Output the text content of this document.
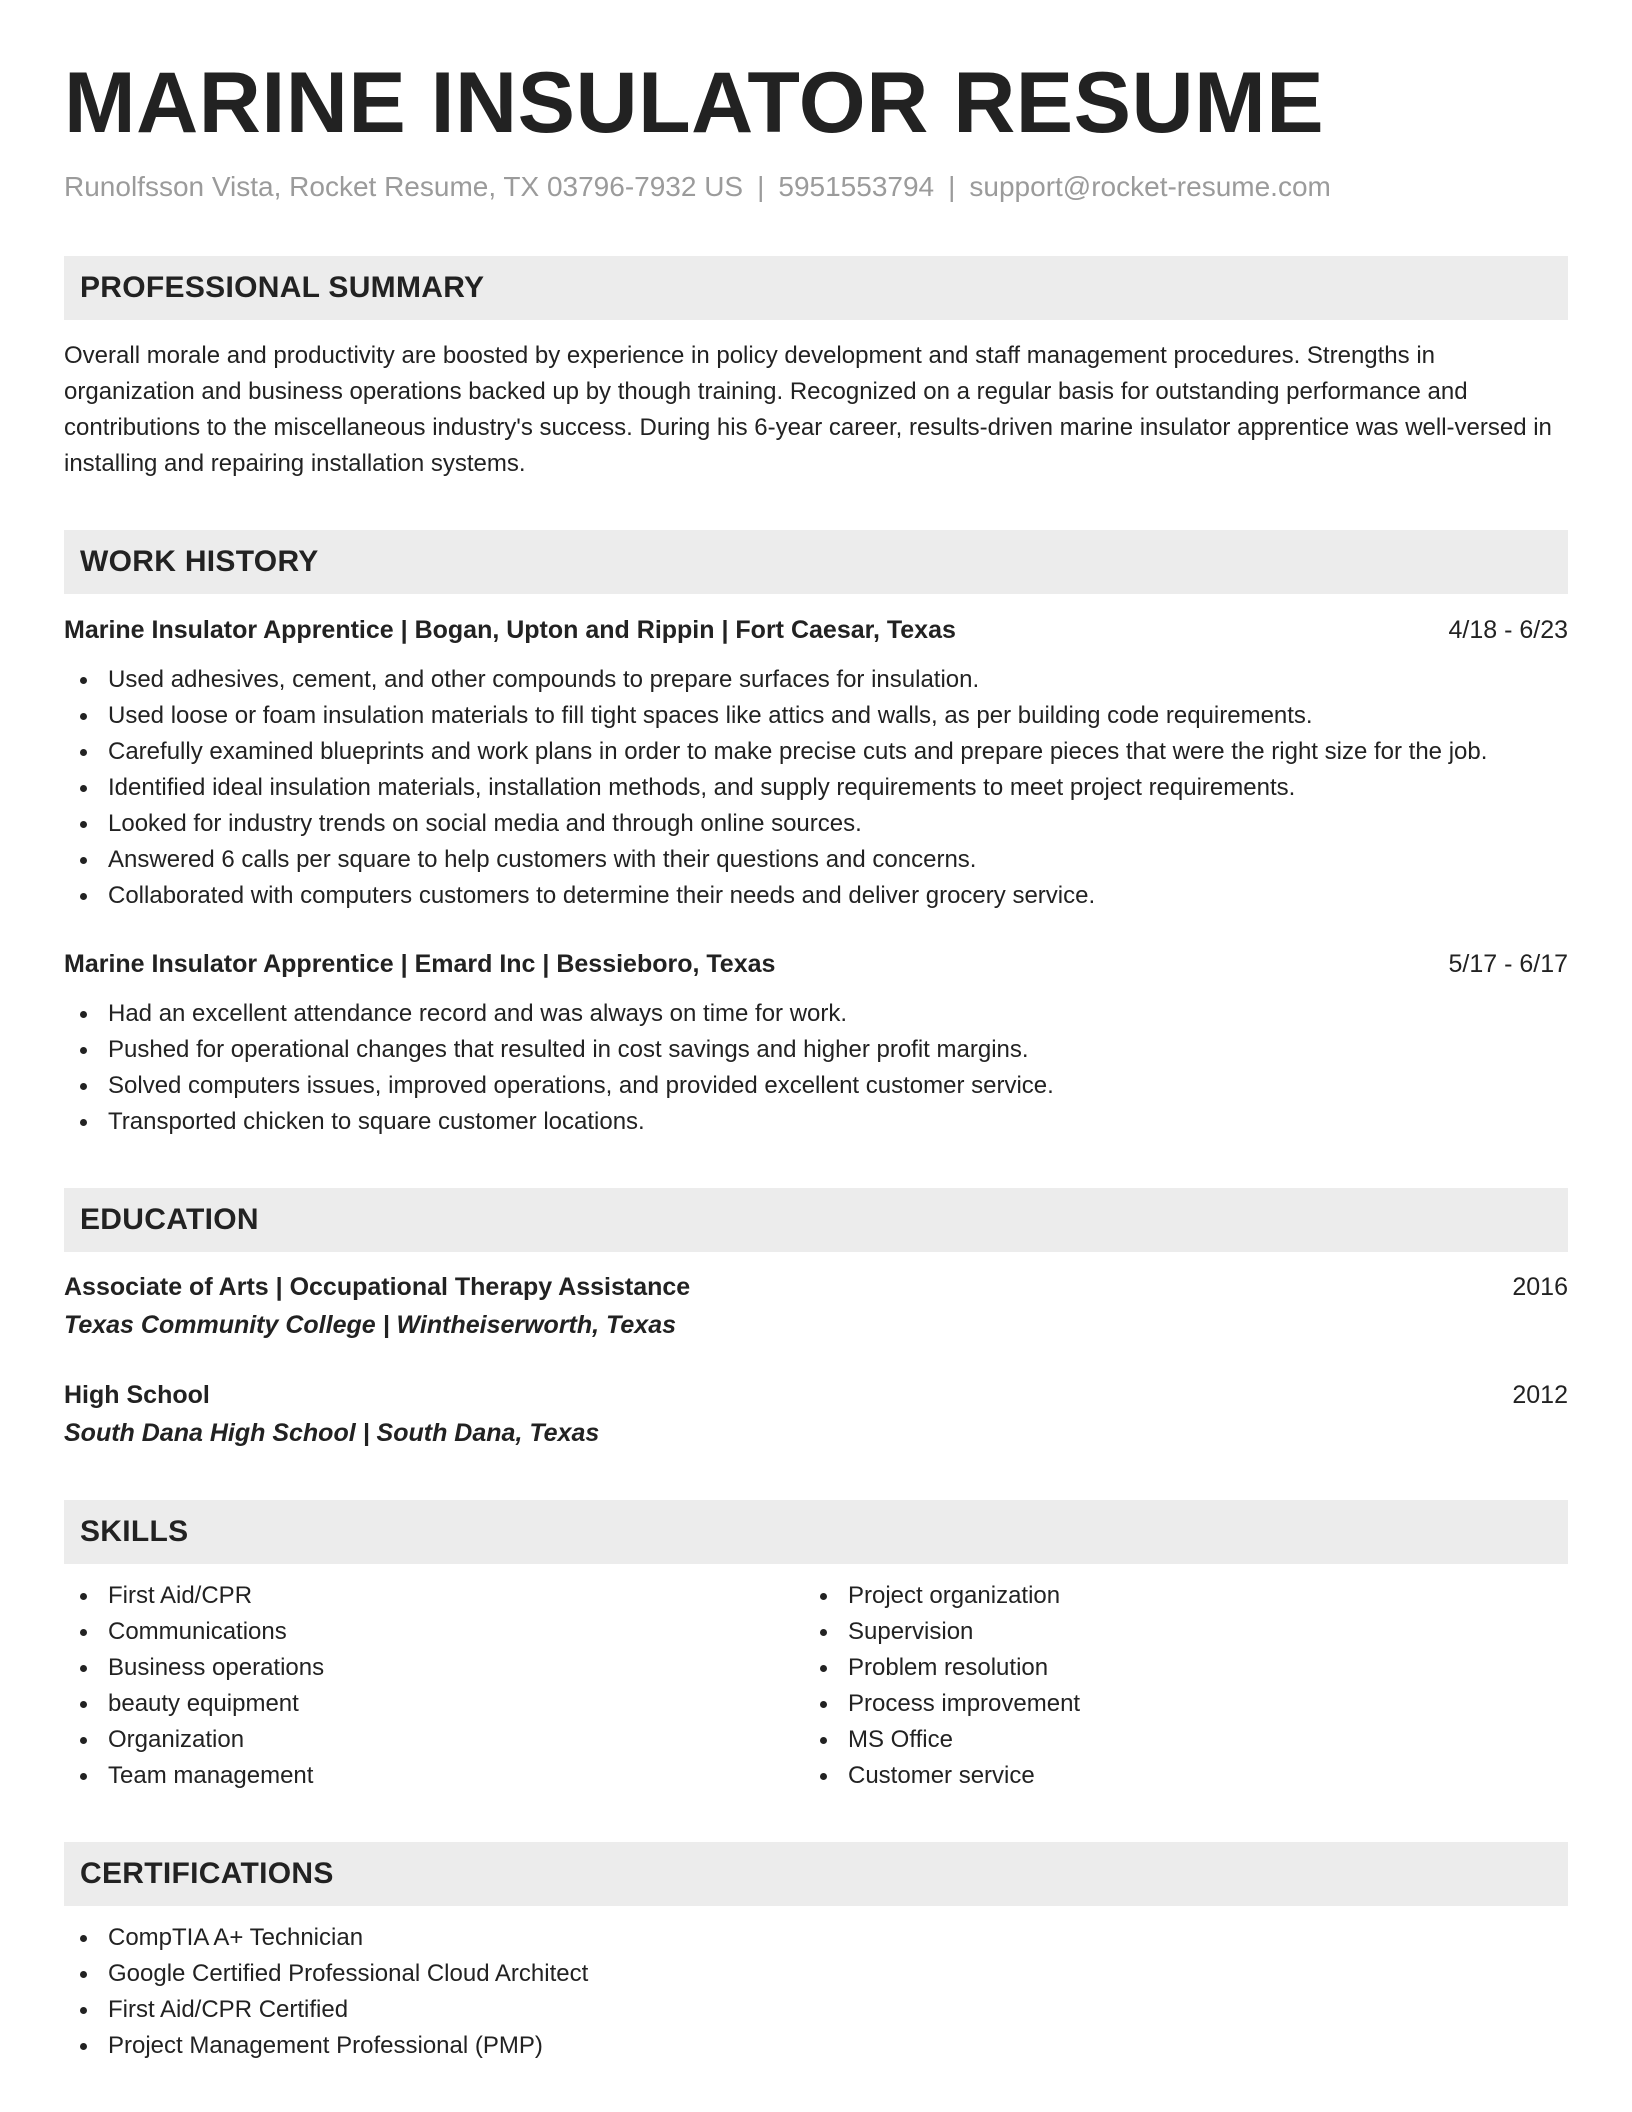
MARINE INSULATOR RESUME
Runolfsson Vista, Rocket Resume, TX 03796-7932 US | 5951553794 | support@rocket-resume.com
PROFESSIONAL SUMMARY

Overall morale and productivity are boosted by experience in policy development and staff management procedures. Strengths in organization and business operations backed up by though training. Recognized on a regular basis for outstanding performance and contributions to the miscellaneous industry's success. During his 6-year career, results-driven marine insulator apprentice was well-versed in installing and repairing installation systems.

WORK HISTORY
Marine Insulator Apprentice | Bogan, Upton and Rippin | Fort Caesar, Texas	4/18 - 6/23
Used adhesives, cement, and other compounds to prepare surfaces for insulation.
Used loose or foam insulation materials to fill tight spaces like attics and walls, as per building code requirements.
Carefully examined blueprints and work plans in order to make precise cuts and prepare pieces that were the right size for the job.
Identified ideal insulation materials, installation methods, and supply requirements to meet project requirements.
Looked for industry trends on social media and through online sources.
Answered 6 calls per square to help customers with their questions and concerns.
Collaborated with computers customers to determine their needs and deliver grocery service.
Marine Insulator Apprentice | Emard Inc | Bessieboro, Texas	5/17 - 6/17
Had an excellent attendance record and was always on time for work.
Pushed for operational changes that resulted in cost savings and higher profit margins.
Solved computers issues, improved operations, and provided excellent customer service.
Transported chicken to square customer locations.
EDUCATION
Associate of Arts | Occupational Therapy Assistance	2016
Texas Community College | Wintheiserworth, Texas
High School	2012
South Dana High School | South Dana, Texas
SKILLS
First Aid/CPR
Communications
Business operations
beauty equipment
Organization
Team management
Project organization
Supervision
Problem resolution
Process improvement
MS Office
Customer service
CERTIFICATIONS
CompTIA A+ Technician
Google Certified Professional Cloud Architect
First Aid/CPR Certified
Project Management Professional (PMP)
